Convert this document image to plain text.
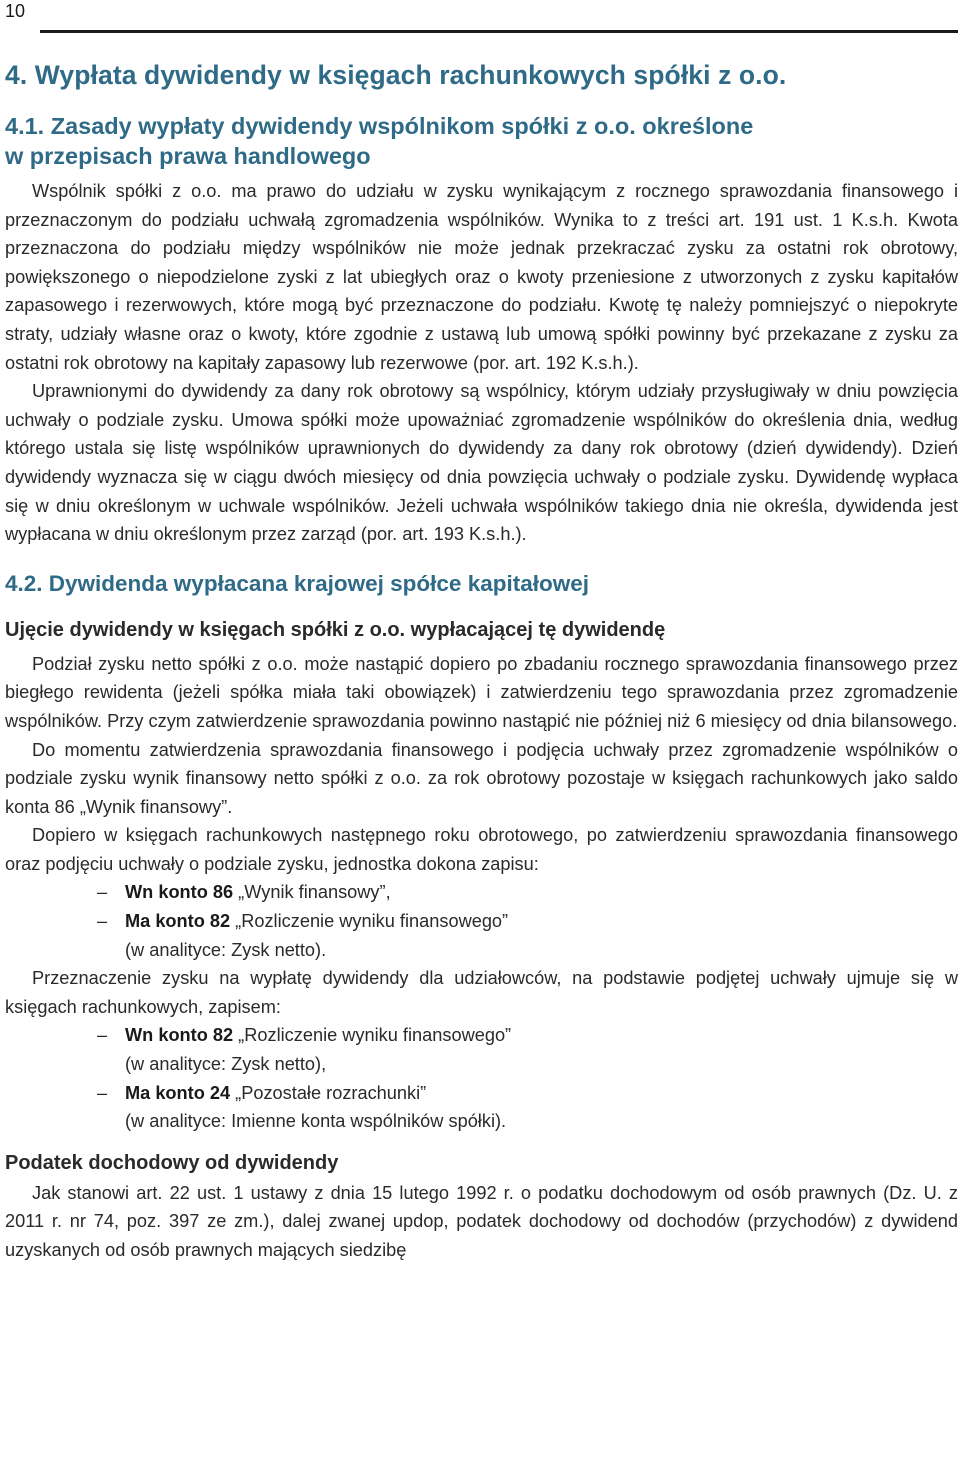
10
4. Wypłata dywidendy w księgach rachunkowych spółki z o.o.
4.1. Zasady wypłaty dywidendy wspólnikom spółki z o.o. określone
w przepisach prawa handlowego

Wspólnik spółki z o.o. ma prawo do udziału w zysku wynikającym z rocznego sprawozdania finansowego i przeznaczonym do podziału uchwałą zgromadzenia wspólników. Wynika to z treści art. 191 ust. 1 K.s.h. Kwota przeznaczona do podziału między wspólników nie może jednak przekraczać zysku za ostatni rok obrotowy, powiększonego o niepodzielone zyski z lat ubiegłych oraz o kwoty przeniesione z utworzonych z zysku kapitałów zapasowego i rezerwowych, które mogą być przeznaczone do podziału. Kwotę tę należy pomniejszyć o niepokryte straty, udziały własne oraz o kwoty, które zgodnie z ustawą lub umową spółki powinny być przekazane z zysku za ostatni rok obrotowy na kapitały zapasowy lub rezerwowe (por. art. 192 K.s.h.).

Uprawnionymi do dywidendy za dany rok obrotowy są wspólnicy, którym udziały przysługiwały w dniu powzięcia uchwały o podziale zysku. Umowa spółki może upoważniać zgromadzenie wspólników do określenia dnia, według którego ustala się listę wspólników uprawnionych do dywidendy za dany rok obrotowy (dzień dywidendy). Dzień dywidendy wyznacza się w ciągu dwóch miesięcy od dnia powzięcia uchwały o podziale zysku. Dywidendę wypłaca się w dniu określonym w uchwale wspólników. Jeżeli uchwała wspólników takiego dnia nie określa, dywidenda jest wypłacana w dniu określonym przez zarząd (por. art. 193 K.s.h.).

4.2. Dywidenda wypłacana krajowej spółce kapitałowej
Ujęcie dywidendy w księgach spółki z o.o. wypłacającej tę dywidendę

Podział zysku netto spółki z o.o. może nastąpić dopiero po zbadaniu rocznego sprawozdania finansowego przez biegłego rewidenta (jeżeli spółka miała taki obowiązek) i zatwierdzeniu tego sprawozdania przez zgromadzenie wspólników. Przy czym zatwierdzenie sprawozdania powinno nastąpić nie później niż 6 miesięcy od dnia bilansowego.

Do momentu zatwierdzenia sprawozdania finansowego i podjęcia uchwały przez zgromadzenie wspólników o podziale zysku wynik finansowy netto spółki z o.o. za rok obrotowy pozostaje w księgach rachunkowych jako saldo konta 86 „Wynik finansowy”.

Dopiero w księgach rachunkowych następnego roku obrotowego, po zatwierdzeniu sprawozdania finansowego oraz podjęciu uchwały o podziale zysku, jednostka dokona zapisu:

– Wn konto 86 „Wynik finansowy”,
– Ma konto 82 „Rozliczenie wyniku finansowego”
(w analityce: Zysk netto).

Przeznaczenie zysku na wypłatę dywidendy dla udziałowców, na podstawie podjętej uchwały ujmuje się w księgach rachunkowych, zapisem:

– Wn konto 82 „Rozliczenie wyniku finansowego”
(w analityce: Zysk netto),
– Ma konto 24 „Pozostałe rozrachunki”
(w analityce: Imienne konta wspólników spółki).
Podatek dochodowy od dywidendy

Jak stanowi art. 22 ust. 1 ustawy z dnia 15 lutego 1992 r. o podatku dochodowym od osób prawnych (Dz. U. z 2011 r. nr 74, poz. 397 ze zm.), dalej zwanej updop, podatek dochodowy od dochodów (przychodów) z dywidend uzyskanych od osób prawnych mających siedzibę
